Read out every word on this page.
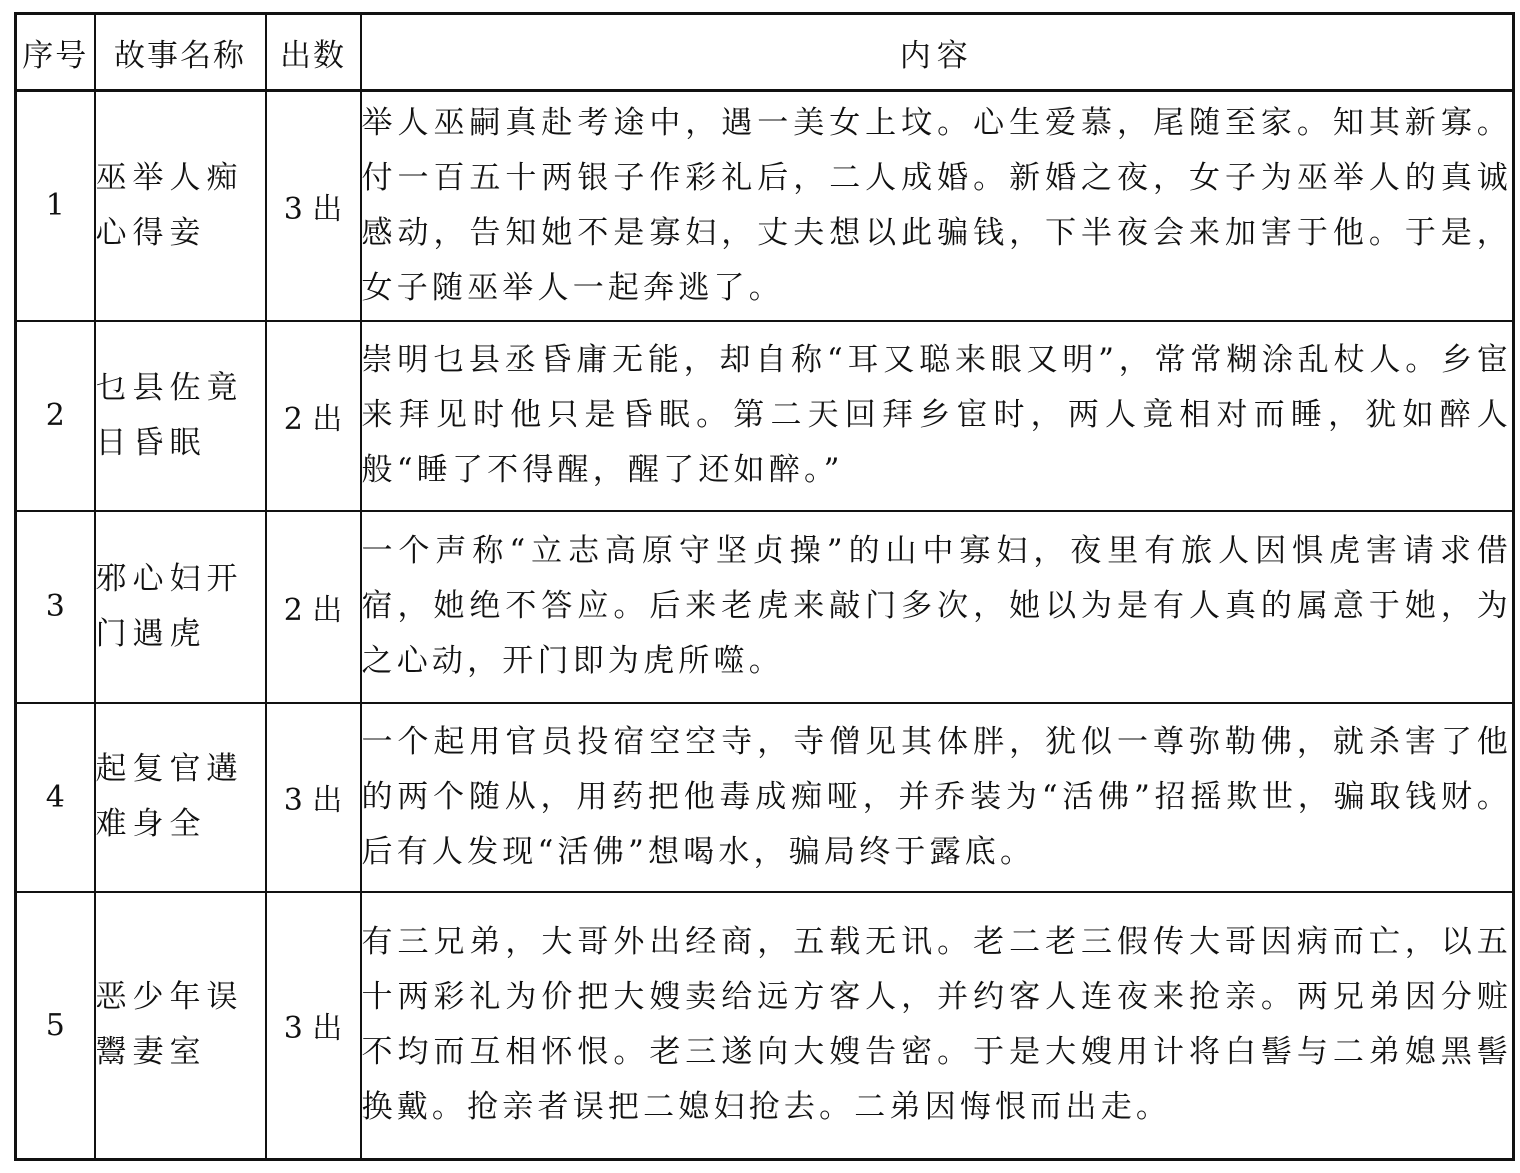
序号	故事名称	出数	内容
1	巫举人痴心得妾	3 出	举人巫嗣真赴考途中，遇一美女上坟。心生爱慕，尾随至家。知其新寡。付一百五十两银子作彩礼后，二人成婚。新婚之夜，女子为巫举人的真诚感动，告知她不是寡妇，丈夫想以此骗钱，下半夜会来加害于他。于是，女子随巫举人一起奔逃了。
2	乜县佐竟日昏眠	2 出	崇明乜县丞昏庸无能，却自称“耳又聪来眼又明”，常常糊涂乱杖人。乡宦来拜见时他只是昏眠。第二天回拜乡宦时，两人竟相对而睡，犹如醉人般“睡了不得醒，醒了还如醉。”
3	邪心妇开门遇虎	2 出	一个声称“立志高原守坚贞操”的山中寡妇，夜里有旅人因惧虎害请求借宿，她绝不答应。后来老虎来敲门多次，她以为是有人真的属意于她，为之心动，开门即为虎所噬。
4	起复官遘难身全	3 出	一个起用官员投宿空空寺，寺僧见其体胖，犹似一尊弥勒佛，就杀害了他的两个随从，用药把他毒成痴哑，并乔装为“活佛”招摇欺世，骗取钱财。后有人发现“活佛”想喝水，骗局终于露底。
5	恶少年误鬻妻室	3 出	有三兄弟，大哥外出经商，五载无讯。老二老三假传大哥因病而亡，以五十两彩礼为价把大嫂卖给远方客人，并约客人连夜来抢亲。两兄弟因分赃不均而互相怀恨。老三遂向大嫂告密。于是大嫂用计将白髻与二弟媳黑髻换戴。抢亲者误把二媳妇抢去。二弟因悔恨而出走。
